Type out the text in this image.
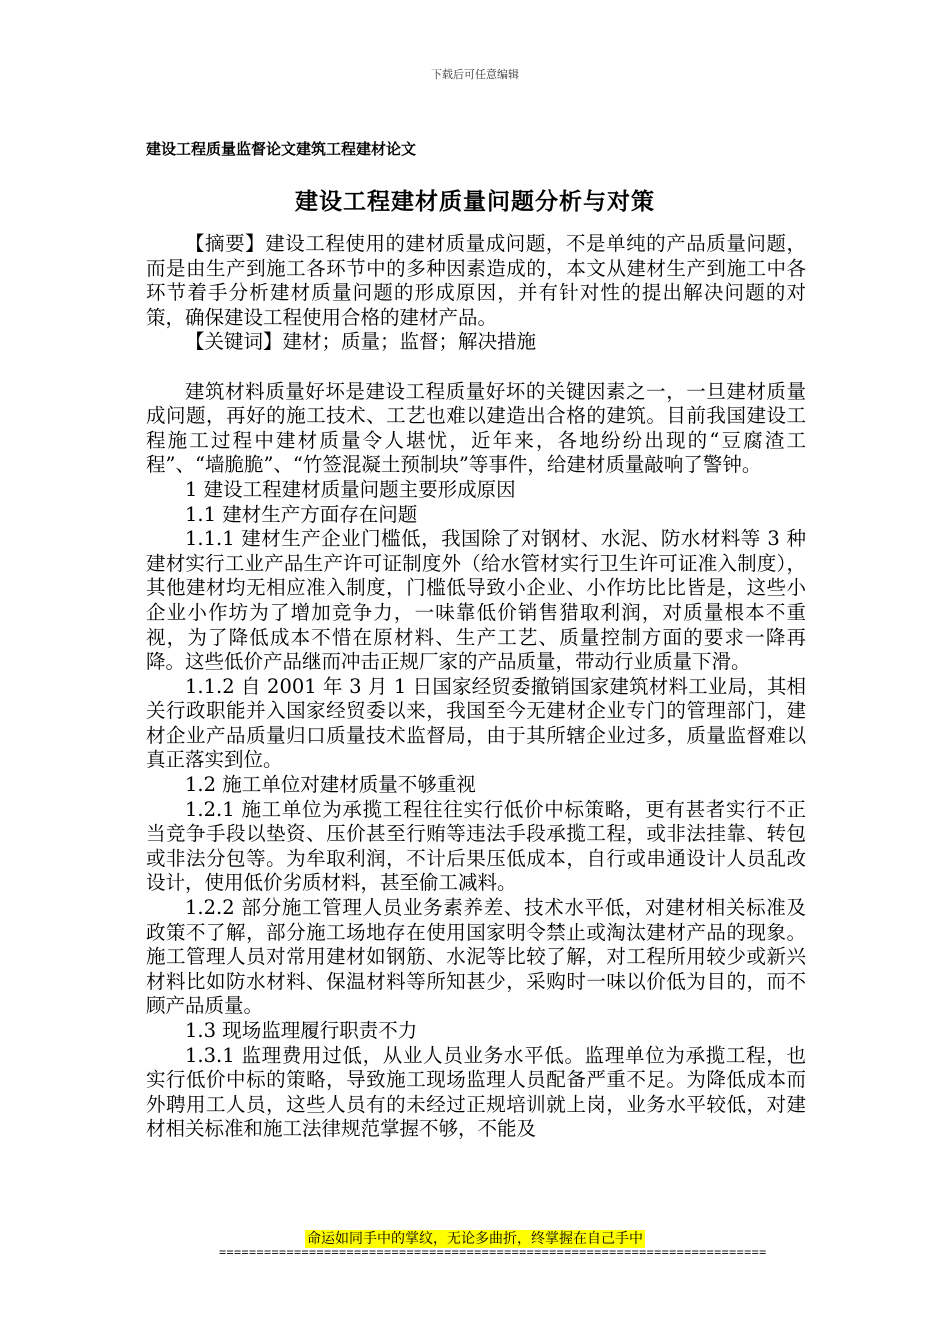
下载后可任意编辑
建设工程质量监督论文建筑工程建材论文
建设工程建材质量问题分析与对策

【摘要】建设工程使用的建材质量成问题，不是单纯的产品质量问题，而是由生产到施工各环节中的多种因素造成的，本文从建材生产到施工中各环节着手分析建材质量问题的形成原因，并有针对性的提出解决问题的对策，确保建设工程使用合格的建材产品。

【关键词】建材；质量；监督；解决措施

建筑材料质量好坏是建设工程质量好坏的关键因素之一，一旦建材质量成问题，再好的施工技术、工艺也难以建造出合格的建筑。目前我国建设工程施工过程中建材质量令人堪忧，近年来，各地纷纷出现的“豆腐渣工程”、“墙脆脆”、“竹签混凝土预制块”等事件，给建材质量敲响了警钟。

1 建设工程建材质量问题主要形成原因

1.1 建材生产方面存在问题

1.1.1 建材生产企业门槛低，我国除了对钢材、水泥、防水材料等 3 种建材实行工业产品生产许可证制度外（给水管材实行卫生许可证准入制度），其他建材均无相应准入制度，门槛低导致小企业、小作坊比比皆是，这些小企业小作坊为了增加竞争力，一味靠低价销售猎取利润，对质量根本不重视，为了降低成本不惜在原材料、生产工艺、质量控制方面的要求一降再降。这些低价产品继而冲击正规厂家的产品质量，带动行业质量下滑。

1.1.2 自 2001 年 3 月 1 日国家经贸委撤销国家建筑材料工业局，其相关行政职能并入国家经贸委以来，我国至今无建材企业专门的管理部门，建材企业产品质量归口质量技术监督局，由于其所辖企业过多，质量监督难以真正落实到位。

1.2 施工单位对建材质量不够重视

1.2.1 施工单位为承揽工程往往实行低价中标策略，更有甚者实行不正当竞争手段以垫资、压价甚至行贿等违法手段承揽工程，或非法挂靠、转包或非法分包等。为牟取利润，不计后果压低成本，自行或串通设计人员乱改设计，使用低价劣质材料，甚至偷工减料。

1.2.2 部分施工管理人员业务素养差、技术水平低，对建材相关标准及政策不了解，部分施工场地存在使用国家明令禁止或淘汰建材产品的现象。施工管理人员对常用建材如钢筋、水泥等比较了解，对工程所用较少或新兴材料比如防水材料、保温材料等所知甚少，采购时一味以价低为目的，而不顾产品质量。

1.3 现场监理履行职责不力

1.3.1 监理费用过低，从业人员业务水平低。监理单位为承揽工程，也实行低价中标的策略，导致施工现场监理人员配备严重不足。为降低成本而外聘用工人员，这些人员有的未经过正规培训就上岗，业务水平较低，对建材相关标准和施工法律规范掌握不够，不能及

命运如同手中的掌纹，无论多曲折，终掌握在自己手中
=========================================================================
